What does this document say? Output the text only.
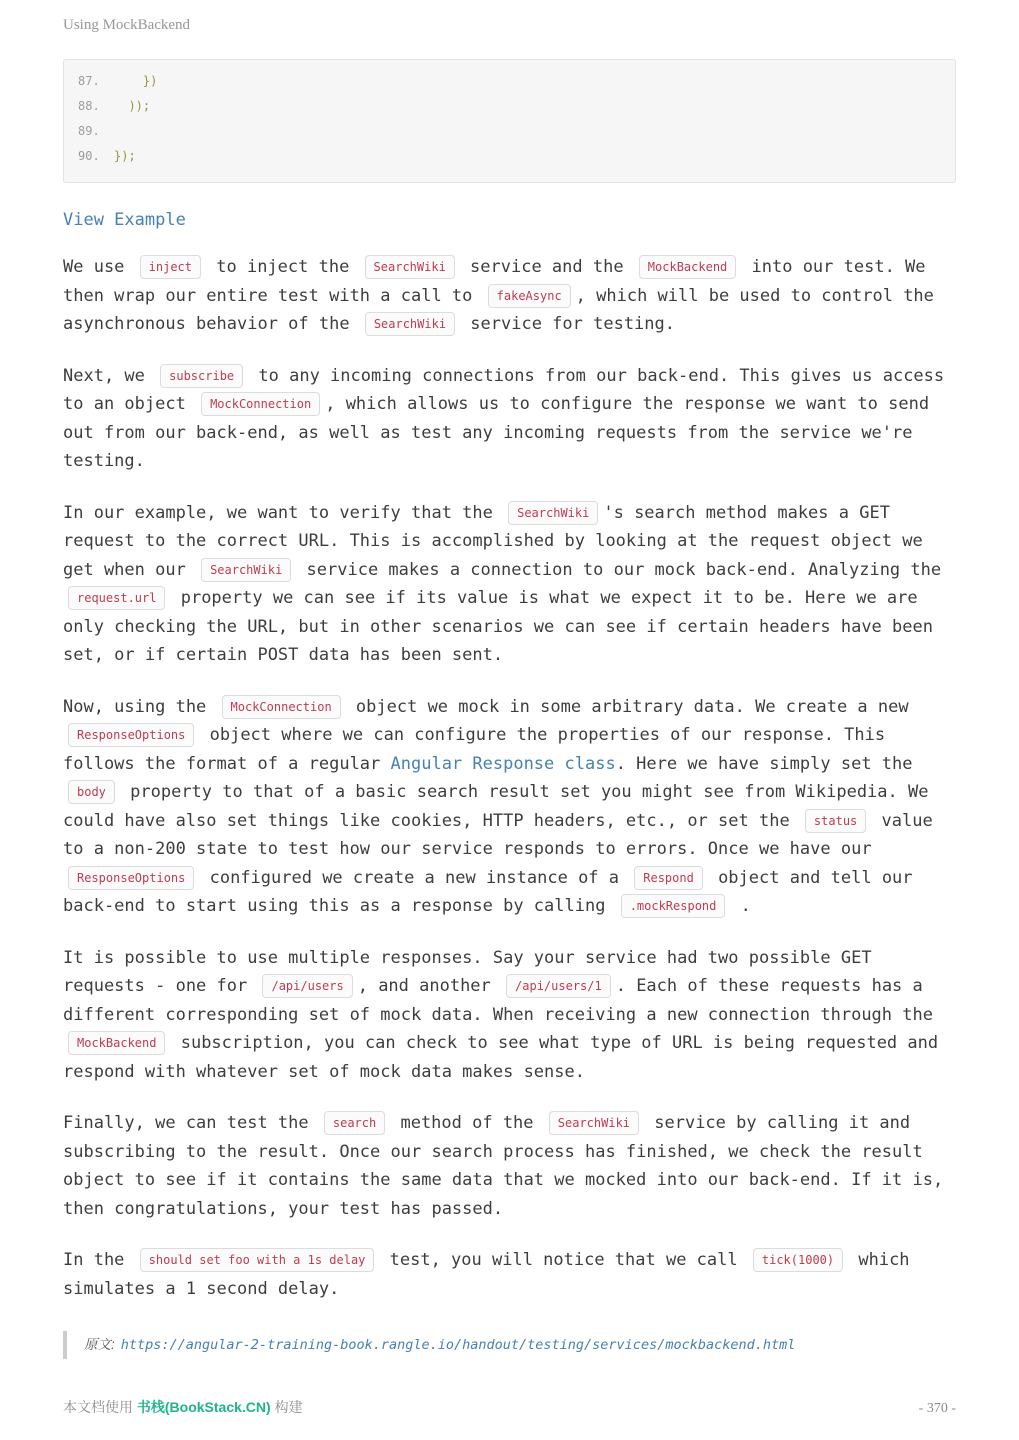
Using MockBackend
87.	})
88.	));
89.
90.	});

View Example

We use inject to inject the SearchWiki service and the MockBackend into our test. We then wrap our entire test with a call to fakeAsync , which will be used to control the asynchronous behavior of the SearchWiki service for testing.

Next, we subscribe to any incoming connections from our back-end. This gives us access to an object MockConnection , which allows us to configure the response we want to send out from our back-end, as well as test any incoming requests from the service we're testing.

In our example, we want to verify that the SearchWiki 's search method makes a GET request to the correct URL. This is accomplished by looking at the request object we get when our SearchWiki service makes a connection to our mock back-end. Analyzing the request.url property we can see if its value is what we expect it to be. Here we are only checking the URL, but in other scenarios we can see if certain headers have been set, or if certain POST data has been sent.

Now, using the MockConnection object we mock in some arbitrary data. We create a new ResponseOptions object where we can configure the properties of our response. This follows the format of a regular Angular Response class. Here we have simply set the body property to that of a basic search result set you might see from Wikipedia. We could have also set things like cookies, HTTP headers, etc., or set the status value to a non-200 state to test how our service responds to errors. Once we have our ResponseOptions configured we create a new instance of a Respond object and tell our back-end to start using this as a response by calling .mockRespond .

It is possible to use multiple responses. Say your service had two possible GET requests - one for /api/users , and another /api/users/1 . Each of these requests has a different corresponding set of mock data. When receiving a new connection through the MockBackend subscription, you can check to see what type of URL is being requested and respond with whatever set of mock data makes sense.

Finally, we can test the search method of the SearchWiki service by calling it and subscribing to the result. Once our search process has finished, we check the result object to see if it contains the same data that we mocked into our back-end. If it is, then congratulations, your test has passed.

In the should set foo with a 1s delay test, you will notice that we call tick(1000) which simulates a 1 second delay.

原文: https://angular-2-training-book.rangle.io/handout/testing/services/mockbackend.html
本文档使用 书栈(BookStack.CN) 构建	- 370 -
